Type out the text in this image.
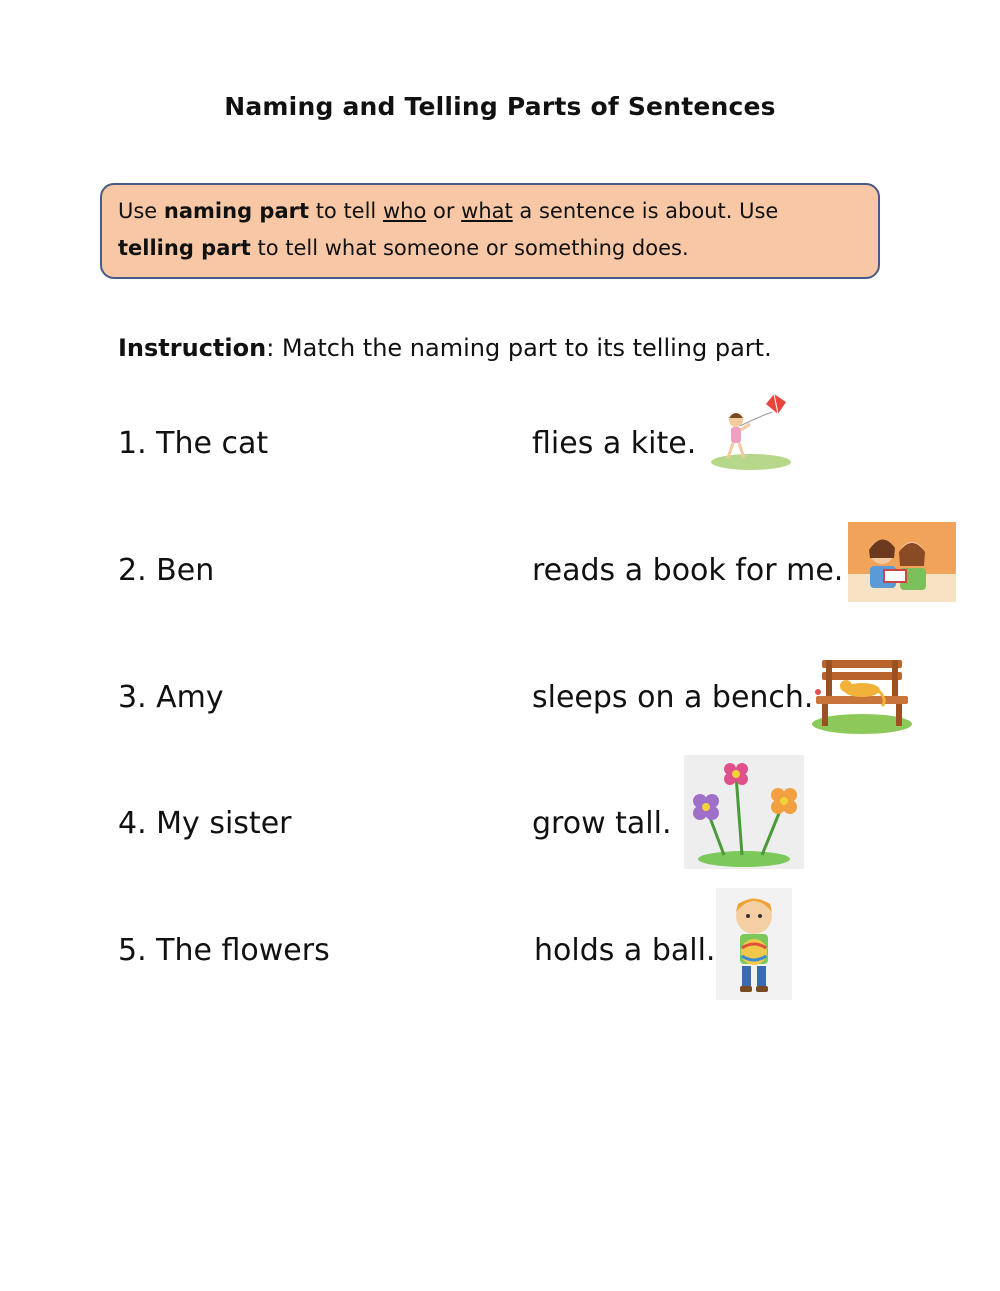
Naming and Telling Parts of Sentences
Use naming part to tell who or what a sentence is about. Use
telling part to tell what someone or something does.
Instruction: Match the naming part to its telling part.
1. The cat	flies a kite.
2. Ben	reads a book for me.
3. Amy	sleeps on a bench.
4. My sister	grow tall.
5. The flowers	holds a ball.
